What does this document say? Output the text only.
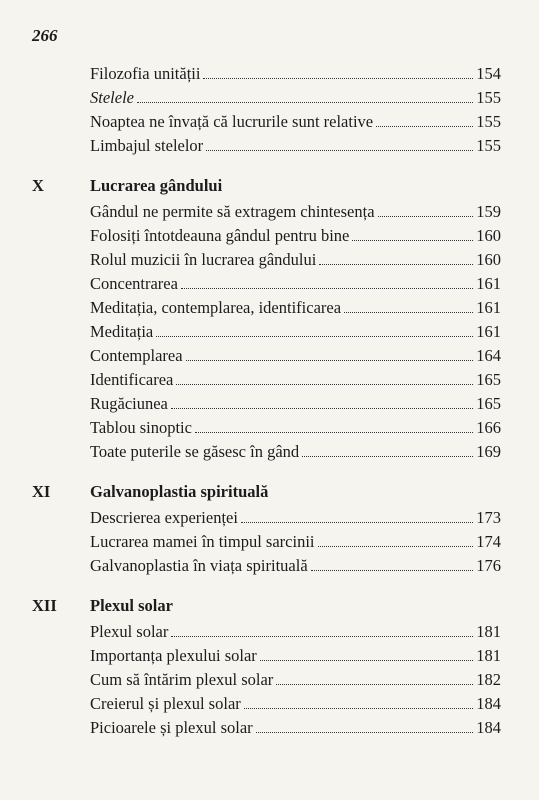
266
Filozofia unității	154
Stelele	155
Noaptea ne învață că lucrurile sunt relative	155
Limbajul stelelor	155
X	Lucrarea gândului
Gândul ne permite să extragem chintesența	159
Folosiți întotdeauna gândul pentru bine	160
Rolul muzicii în lucrarea gândului	160
Concentrarea	161
Meditația, contemplarea, identificarea	161
Meditația	161
Contemplarea	164
Identificarea	165
Rugăciunea	165
Tablou sinoptic	166
Toate puterile se găsesc în gând	169
XI Galvanoplastia spirituală
Descrierea experienței	173
Lucrarea mamei în timpul sarcinii	174
Galvanoplastia în viața spirituală	176
XII Plexul solar
Plexul solar	181
Importanța plexului solar	181
Cum să întărim plexul solar	182
Creierul și plexul solar	184
Picioarele și plexul solar	184
